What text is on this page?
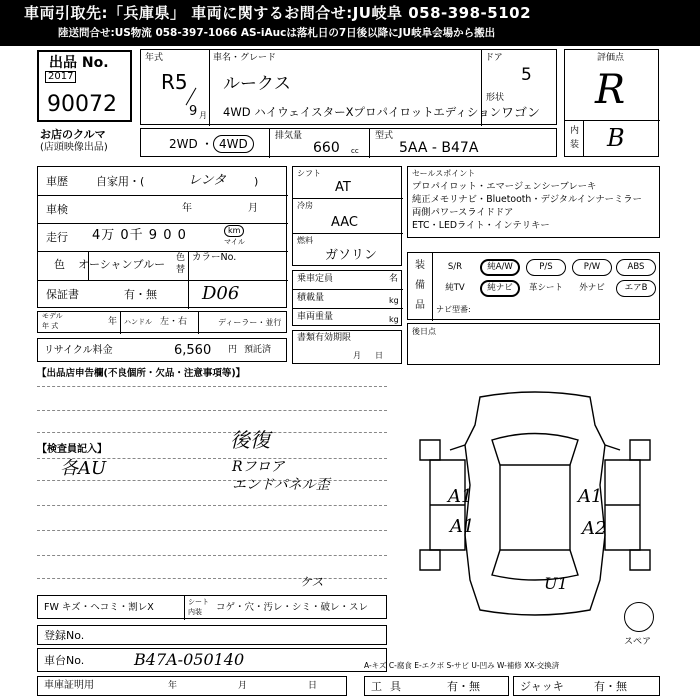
車両引取先:「兵庫県」 車両に関するお問合せ:JU岐阜 058-398-5102
陸送問合せ:US物流 058-397-1066 AS-iAucは落札日の7日後以降にJU岐阜会場から搬出
出品 No.
2017
90072
お店のクルマ
(店頭映像出品)
年式
R5
9 月
車名・グレード
ルークス
4WD ハイウェイスターXプロパイロットエディション
ドア
5
形状
ワゴン
2WD ・ 4WD
排気量
660 cc
型式
5AA - B47A
評価点
R
内
装 B
車歴	自家用・(	レンタ	)
車検	年	月
走行 4万 0千 9 0 0	km
マイル
色 オーシャンブルー 色
替
カラーNo.
D06
保証書	有・無
モデル
年 式	年 ハンドル 左・右	ディーラー・並行
リサイクル料金	6,560 円 預託済
シフト
AT
冷房
AAC
燃料
ガソリン
乗車定員	名
積載量	kg
車両重量	kg
書類有効期限
月日
セールスポイント
プロパイロット・エマージェンシーブレーキ
純正メモリナビ・Bluetooth・デジタルインナーミラー
両側パワースライドドア
ETC・LEDライト・インテリキー
装
備
品
S/R	純A/W	P/S	P/W	ABS
純TV	純ナビ	革シート	外ナビ	エアB
ナビ型番:
後日点
【出品店申告欄(不良個所・欠品・注意事項等)】
【検査員記入】	後復
各AU	Rフロア
エンドパネル歪
ケス
A1	A1
A1	A2
U1
スペア
FW キズ・ヘコミ・割レX	シート
内装 コゲ・穴・汚レ・シミ・破レ・スレ
登録No.
車台No.	B47A-050140
車庫証明用	年	月	日
A-キズ C-腐食 E-エクボ S-サビ U-凹み W-補修 XX-交換済
工具	有・無	ジャッキ	有・無
